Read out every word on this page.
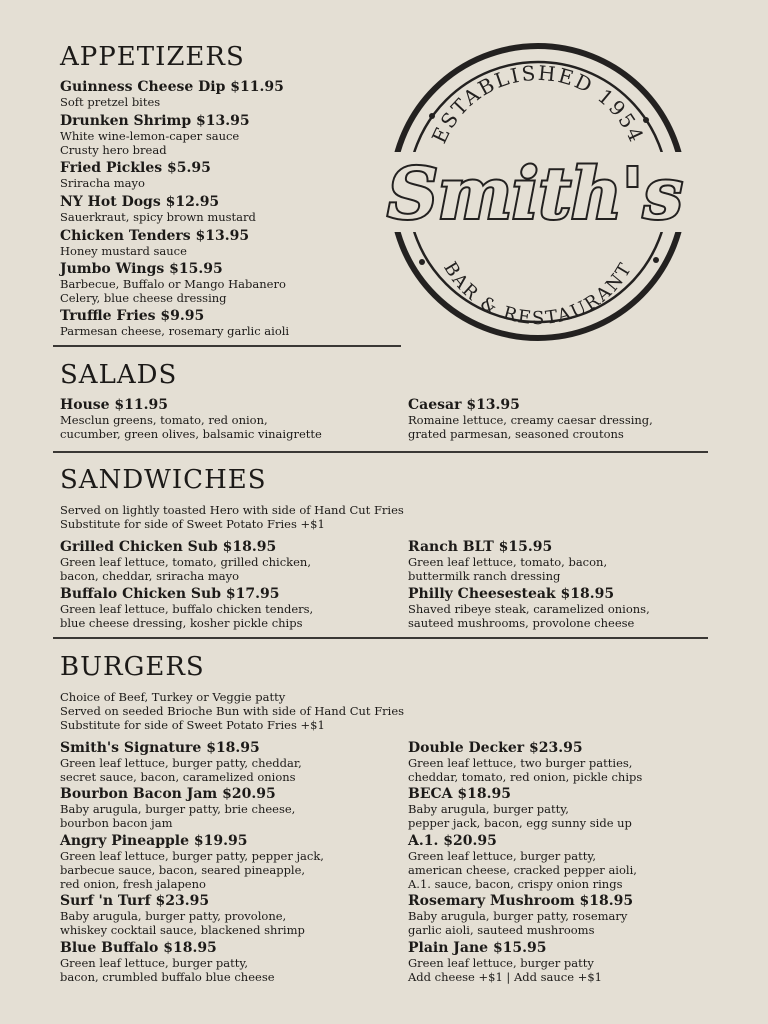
ESTABLISHED 1954
BAR & RESTAURANT
Smith's
APPETIZERS
Guinness Cheese Dip $11.95
Soft pretzel bites
Drunken Shrimp $13.95
White wine-lemon-caper sauce
Crusty hero bread
Fried Pickles $5.95
Sriracha mayo
NY Hot Dogs $12.95
Sauerkraut, spicy brown mustard
Chicken Tenders $13.95
Honey mustard sauce
Jumbo Wings $15.95
Barbecue, Buffalo or Mango Habanero
Celery, blue cheese dressing
Truffle Fries $9.95
Parmesan cheese, rosemary garlic aioli
SALADS
House $11.95
Mesclun greens, tomato, red onion,
cucumber, green olives, balsamic vinaigrette
Caesar $13.95
Romaine lettuce, creamy caesar dressing,
grated parmesan, seasoned croutons
SANDWICHES
Served on lightly toasted Hero with side of Hand Cut Fries
Substitute for side of Sweet Potato Fries +$1
Grilled Chicken Sub $18.95
Green leaf lettuce, tomato, grilled chicken,
bacon, cheddar, sriracha mayo
Ranch BLT $15.95
Green leaf lettuce, tomato, bacon,
buttermilk ranch dressing
Buffalo Chicken Sub $17.95
Green leaf lettuce, buffalo chicken tenders,
blue cheese dressing, kosher pickle chips
Philly Cheesesteak $18.95
Shaved ribeye steak, caramelized onions,
sauteed mushrooms, provolone cheese
BURGERS
Choice of Beef, Turkey or Veggie patty
Served on seeded Brioche Bun with side of Hand Cut Fries
Substitute for side of Sweet Potato Fries +$1
Smith's Signature $18.95
Green leaf lettuce, burger patty, cheddar,
secret sauce, bacon, caramelized onions
Double Decker $23.95
Green leaf lettuce, two burger patties,
cheddar, tomato, red onion, pickle chips
Bourbon Bacon Jam $20.95
Baby arugula, burger patty, brie cheese,
bourbon bacon jam
BECA $18.95
Baby arugula, burger patty,
pepper jack, bacon, egg sunny side up
Angry Pineapple $19.95
Green leaf lettuce, burger patty, pepper jack,
barbecue sauce, bacon, seared pineapple,
red onion, fresh jalapeno
A.1. $20.95
Green leaf lettuce, burger patty,
american cheese, cracked pepper aioli,
A.1. sauce, bacon, crispy onion rings
Surf 'n Turf $23.95
Baby arugula, burger patty, provolone,
whiskey cocktail sauce, blackened shrimp
Rosemary Mushroom $18.95
Baby arugula, burger patty, rosemary
garlic aioli, sauteed mushrooms
Blue Buffalo $18.95
Green leaf lettuce, burger patty,
bacon, crumbled buffalo blue cheese
Plain Jane $15.95
Green leaf lettuce, burger patty
Add cheese +$1 | Add sauce +$1
